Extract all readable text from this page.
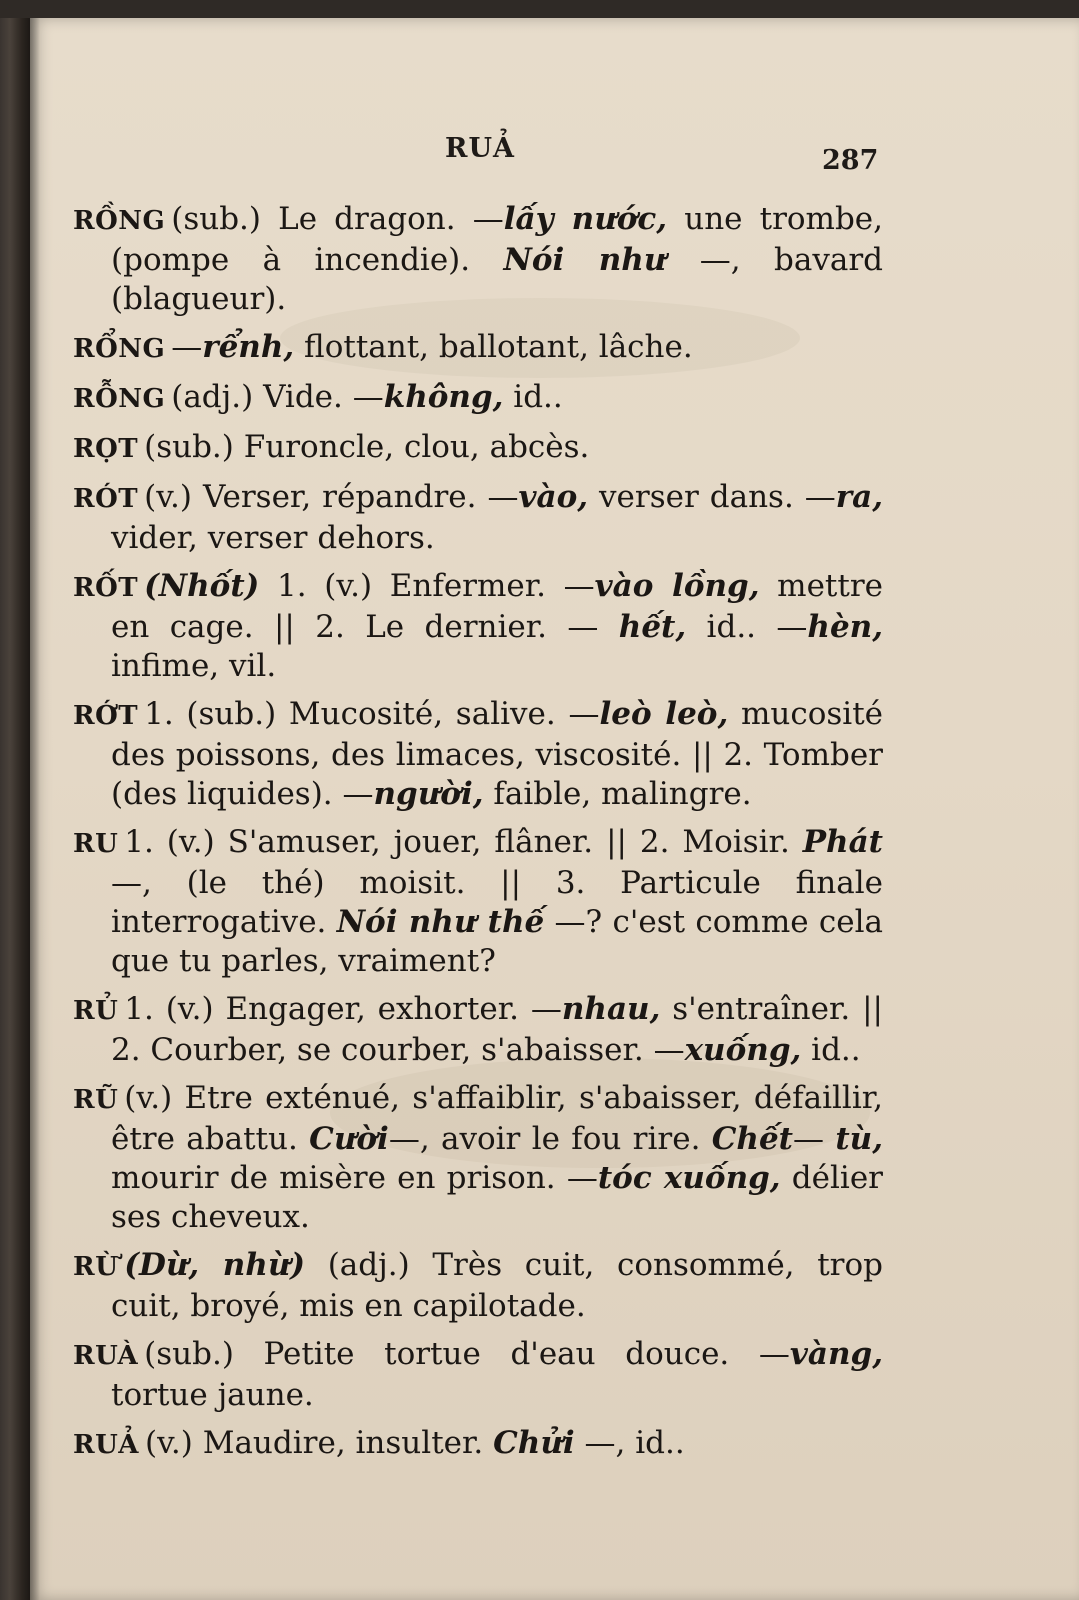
RUẢ	287

RỒNG (sub.) Le dragon. —lấy nước, une trombe, (pompe à incendie). Nói như —, bavard (blagueur).

RỔNG —rểnh, flottant, ballotant, lâche.

RỖNG (adj.) Vide. —không, id..

RỌT (sub.) Furoncle, clou, abcès.

RÓT (v.) Verser, répandre. —vào, verser dans. —ra, vider, verser dehors.

RỐT (Nhốt) 1. (v.) Enfermer. —vào lồng, mettre en cage. || 2. Le dernier. — hết, id.. —hèn, infime, vil.

RỚT 1. (sub.) Mucosité, salive. —leò leò, mucosité des poissons, des limaces, viscosité. || 2. Tomber (des liquides). —người, faible, malingre.

RU 1. (v.) S'amuser, jouer, flâner. || 2. Moisir. Phát —, (le thé) moisit. || 3. Particule finale interrogative. Nói như thế —? c'est comme cela que tu parles, vraiment?

RỦ 1. (v.) Engager, exhorter. —nhau, s'entraîner. || 2. Courber, se courber, s'abaisser. —xuống, id..

RŨ (v.) Etre exténué, s'affaiblir, s'abaisser, défaillir, être abattu. Cười—, avoir le fou rire. Chết— tù, mourir de misère en prison. —tóc xuống, délier ses cheveux.

RỪ (Dừ, nhừ) (adj.) Très cuit, consommé, trop cuit, broyé, mis en capilotade.

RUÀ (sub.) Petite tortue d'eau douce. —vàng, tortue jaune.

RUẢ (v.) Maudire, insulter. Chửi —, id..
